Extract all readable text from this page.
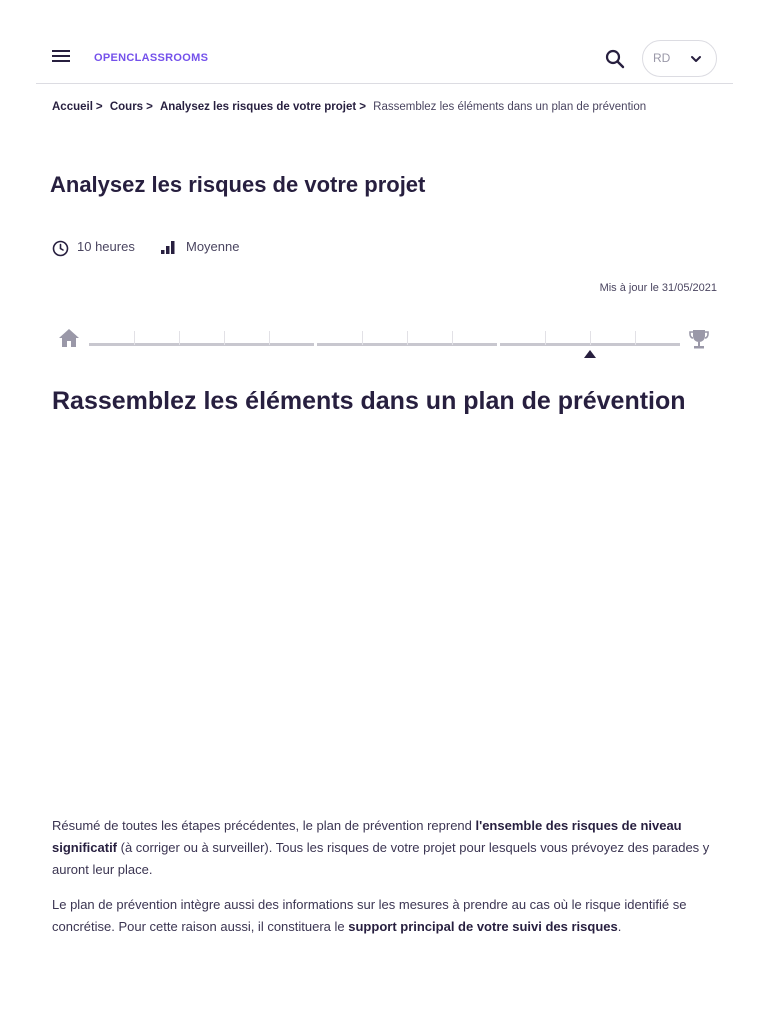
OPENCLASSROOMS	RD
Accueil > Cours > Analysez les risques de votre projet > Rassemblez les éléments dans un plan de prévention
Analysez les risques de votre projet
10 heures	Moyenne
Mis à jour le 31/05/2021
Rassemblez les éléments dans un plan de prévention

Résumé de toutes les étapes précédentes, le plan de prévention reprend l'ensemble des risques de niveau significatif (à corriger ou à surveiller). Tous les risques de votre projet pour lesquels vous prévoyez des parades y auront leur place.

Le plan de prévention intègre aussi des informations sur les mesures à prendre au cas où le risque identifié se concrétise. Pour cette raison aussi, il constituera le support principal de votre suivi des risques.
